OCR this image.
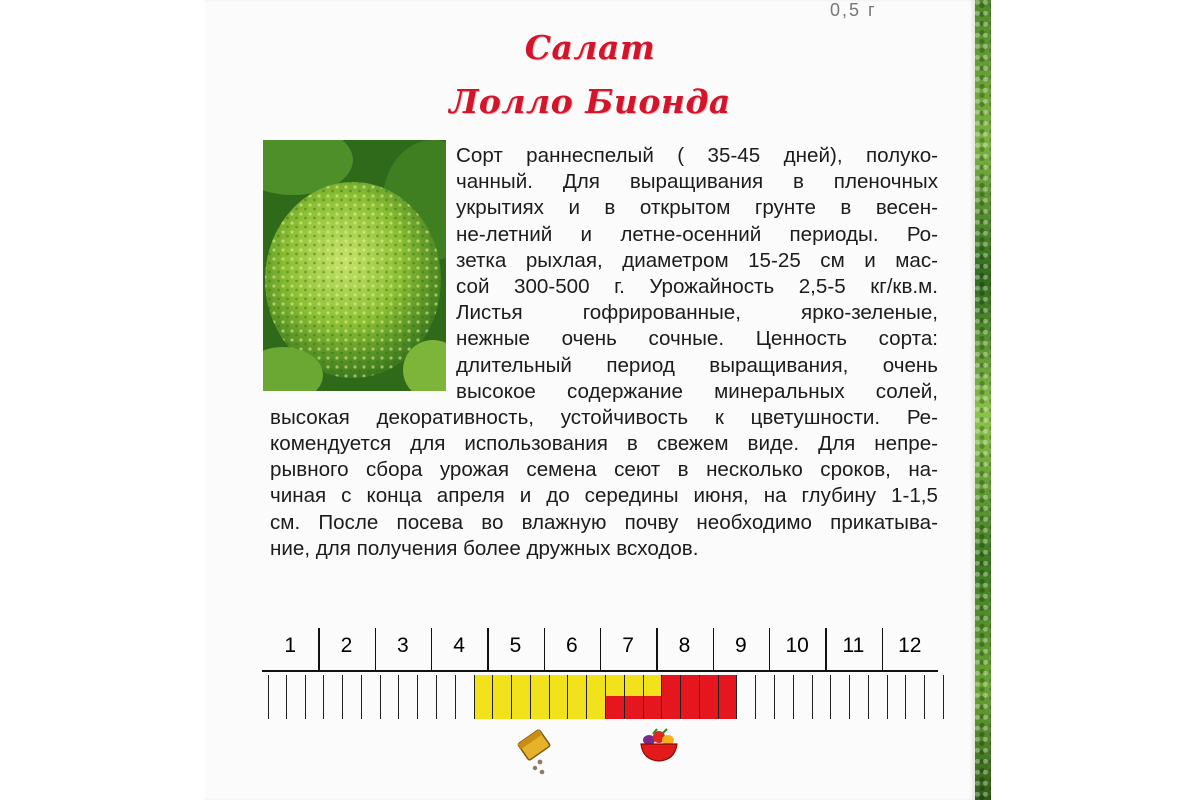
0,5 г
Салат
Лолло Бионда
Сорт раннеспелый ( 35-45 дней), полуко-
чанный. Для выращивания в пленочных
укрытиях и в открытом грунте в весен-
не-летний и летне-осенний периоды. Ро-
зетка рыхлая, диаметром 15-25 см и мас-
сой 300-500 г. Урожайность 2,5-5 кг/кв.м.
Листья гофрированные, ярко-зеленые,
нежные очень сочные. Ценность сорта:
длительный период выращивания, очень
высокое содержание минеральных солей,
высокая декоративность, устойчивость к цветушности. Ре-
комендуется для использования в свежем виде. Для непре-
рывного сбора урожая семена сеют в несколько сроков, на-
чиная с конца апреля и до середины июня, на глубину 1-1,5
см. После посева во влажную почву необходимо прикатыва-
ние, для получения более дружных всходов.
1	2	3	4	5	6	7	8	9	10	11	12
